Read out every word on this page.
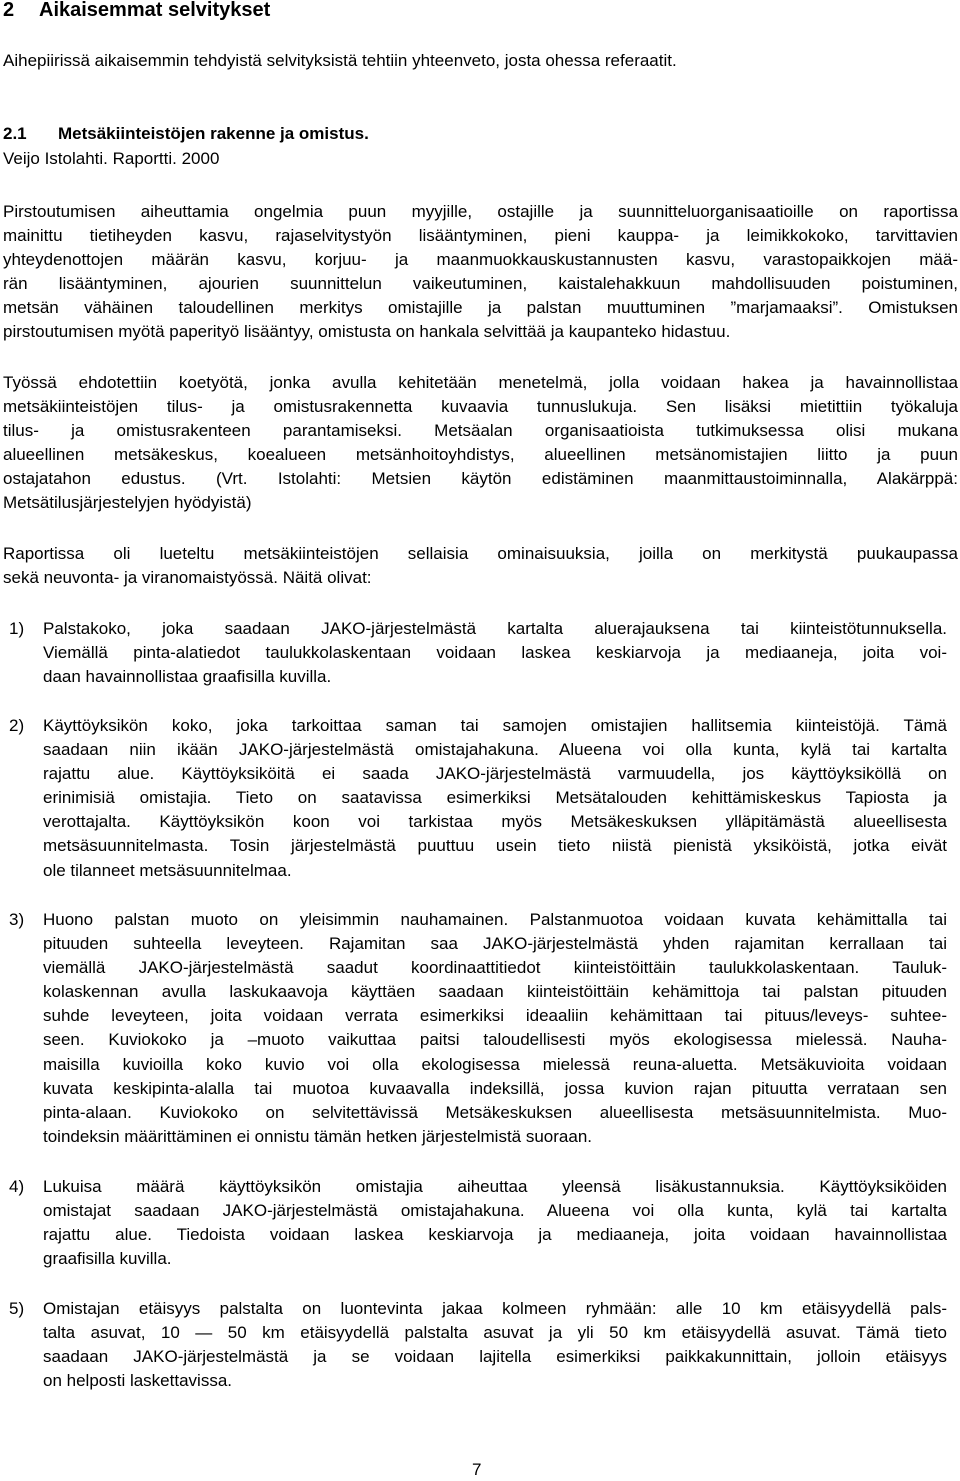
2 Aikaisemmat selvitykset
Aihepiirissä aikaisemmin tehdyistä selvityksistä tehtiin yhteenveto, josta ohessa referaatit.
2.1 Metsäkiinteistöjen rakenne ja omistus.
Veijo Istolahti. Raportti. 2000
Pirstoutumisen aiheuttamia ongelmia puun myyjille, ostajille ja suunnitteluorganisaatioille on raportissa
mainittu tietiheyden kasvu, rajaselvitystyön lisääntyminen, pieni kauppa- ja leimikkokoko, tarvittavien
yhteydenottojen määrän kasvu, korjuu- ja maanmuokkauskustannusten kasvu, varastopaikkojen mää-
rän lisääntyminen, ajourien suunnittelun vaikeutuminen, kaistalehakkuun mahdollisuuden poistuminen,
metsän vähäinen taloudellinen merkitys omistajille ja palstan muuttuminen ”marjamaaksi”. Omistuksen
pirstoutumisen myötä paperityö lisääntyy, omistusta on hankala selvittää ja kaupanteko hidastuu.
Työssä ehdotettiin koetyötä, jonka avulla kehitetään menetelmä, jolla voidaan hakea ja havainnollistaa
metsäkiinteistöjen tilus- ja omistusrakennetta kuvaavia tunnuslukuja. Sen lisäksi mietittiin työkaluja
tilus- ja omistusrakenteen parantamiseksi. Metsäalan organisaatioista tutkimuksessa olisi mukana
alueellinen metsäkeskus, koealueen metsänhoitoyhdistys, alueellinen metsänomistajien liitto ja puun
ostajatahon edustus. (Vrt. Istolahti: Metsien käytön edistäminen maanmittaustoiminnalla, Alakärppä:
Metsätilusjärjestelyjen hyödyistä)
Raportissa oli lueteltu metsäkiinteistöjen sellaisia ominaisuuksia, joilla on merkitystä puukaupassa
sekä neuvonta- ja viranomaistyössä. Näitä olivat:
1) Palstakoko, joka saadaan JAKO-järjestelmästä kartalta aluerajauksena tai kiinteistötunnuksella.
Viemällä pinta-alatiedot taulukkolaskentaan voidaan laskea keskiarvoja ja mediaaneja, joita voi-
daan havainnollistaa graafisilla kuvilla.
2) Käyttöyksikön koko, joka tarkoittaa saman tai samojen omistajien hallitsemia kiinteistöjä. Tämä
saadaan niin ikään JAKO-järjestelmästä omistajahakuna. Alueena voi olla kunta, kylä tai kartalta
rajattu alue. Käyttöyksiköitä ei saada JAKO-järjestelmästä varmuudella, jos käyttöyksiköllä on
erinimisiä omistajia. Tieto on saatavissa esimerkiksi Metsätalouden kehittämiskeskus Tapiosta ja
verottajalta. Käyttöyksikön koon voi tarkistaa myös Metsäkeskuksen ylläpitämästä alueellisesta
metsäsuunnitelmasta. Tosin järjestelmästä puuttuu usein tieto niistä pienistä yksiköistä, jotka eivät
ole tilanneet metsäsuunnitelmaa.
3) Huono palstan muoto on yleisimmin nauhamainen. Palstanmuotoa voidaan kuvata kehämittalla tai
pituuden suhteella leveyteen. Rajamitan saa JAKO-järjestelmästä yhden rajamitan kerrallaan tai
viemällä JAKO-järjestelmästä saadut koordinaattitiedot kiinteistöittäin taulukkolaskentaan. Tauluk-
kolaskennan avulla laskukaavoja käyttäen saadaan kiinteistöittäin kehämittoja tai palstan pituuden
suhde leveyteen, joita voidaan verrata esimerkiksi ideaaliin kehämittaan tai pituus/leveys- suhtee-
seen. Kuviokoko ja –muoto vaikuttaa paitsi taloudellisesti myös ekologisessa mielessä. Nauha-
maisilla kuvioilla koko kuvio voi olla ekologisessa mielessä reuna-aluetta. Metsäkuvioita voidaan
kuvata keskipinta-alalla tai muotoa kuvaavalla indeksillä, jossa kuvion rajan pituutta verrataan sen
pinta-alaan. Kuviokoko on selvitettävissä Metsäkeskuksen alueellisesta metsäsuunnitelmista. Muo-
toindeksin määrittäminen ei onnistu tämän hetken järjestelmistä suoraan.
4) Lukuisa määrä käyttöyksikön omistajia aiheuttaa yleensä lisäkustannuksia. Käyttöyksiköiden
omistajat saadaan JAKO-järjestelmästä omistajahakuna. Alueena voi olla kunta, kylä tai kartalta
rajattu alue. Tiedoista voidaan laskea keskiarvoja ja mediaaneja, joita voidaan havainnollistaa
graafisilla kuvilla.
5) Omistajan etäisyys palstalta on luontevinta jakaa kolmeen ryhmään: alle 10 km etäisyydellä pals-
talta asuvat, 10 — 50 km etäisyydellä palstalta asuvat ja yli 50 km etäisyydellä asuvat. Tämä tieto
saadaan JAKO-järjestelmästä ja se voidaan lajitella esimerkiksi paikkakunnittain, jolloin etäisyys
on helposti laskettavissa.
7
